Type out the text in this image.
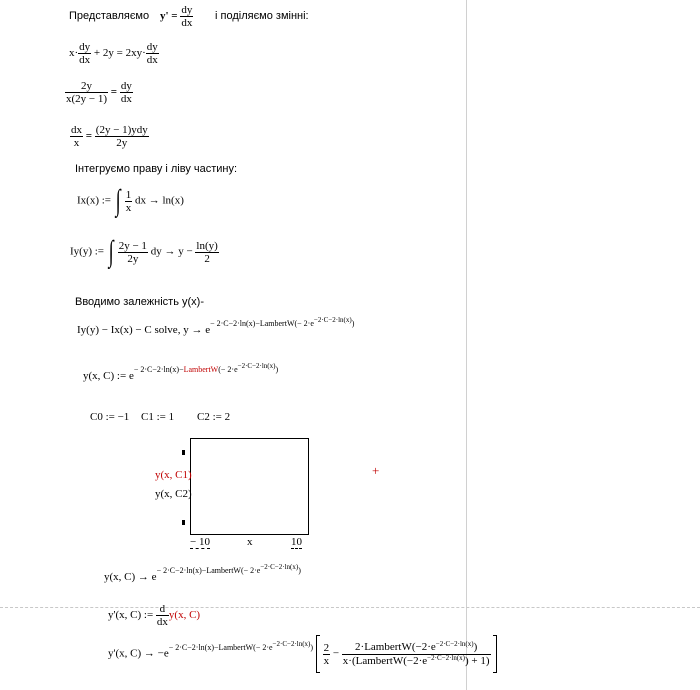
Представляємо $y' = \frac{dy}{dx}$ і поділяємо змінні:
$x\cdot \frac{dy}{dx} + 2y = 2xy\cdot \frac{dy}{dx}$
$\frac{2y}{x(2y - 1)} = \frac{dy}{dx}$
$\frac{dx}{x} = \frac{\text{(2y − 1)ydy}}{2y}$
Інтегруємо праву і ліву частину:
Ix(x) := ∫ $\frac{1}{x}$ dx → ln(x)
Iy(y) := ∫ $\frac{2y - 1}{2y}$ dy → $y - \frac{\ln(y)}{2}$
Вводимо залежність y(x)-
Iy(y) − Ix(x) − C solve, $y \to e^{- 2\cdot C-2\cdot ln(x)-LambertW(- 2\cdot e-2\cdot C-2\cdot ln(x))}$
y(x, C) := $e^{- 2\cdot C-2\cdot ln(x)-LambertW(- 2\cdot e-2\cdot C-2\cdot ln(x))}$
C0 := −1 C1 := 1 C2 := 2
y(x, C1)
y(x, C2)
− 10	x	10
+
y(x, $C) \to e^{- 2\cdot C-2\cdot ln(x)-LambertW(- 2\cdot e-2\cdot C-2\cdot ln(x))}$
y'(x, C) := $\frac{d}{dx} y(x$, C)
y'(x, $C) \to -e^{- 2\cdot C-2\cdot ln(x)-LambertW(- 2\cdot e-2\cdot C-2\cdot ln(x))} \frac{2}{x} - \frac{2\cdot LambertW(-2\cdot e^{-2\cdot C-2\cdot ln(x)})}{x\cdot(LambertW(-2\cdot e^{-2\cdot C-2\cdot ln(x)}) + 1)}$
